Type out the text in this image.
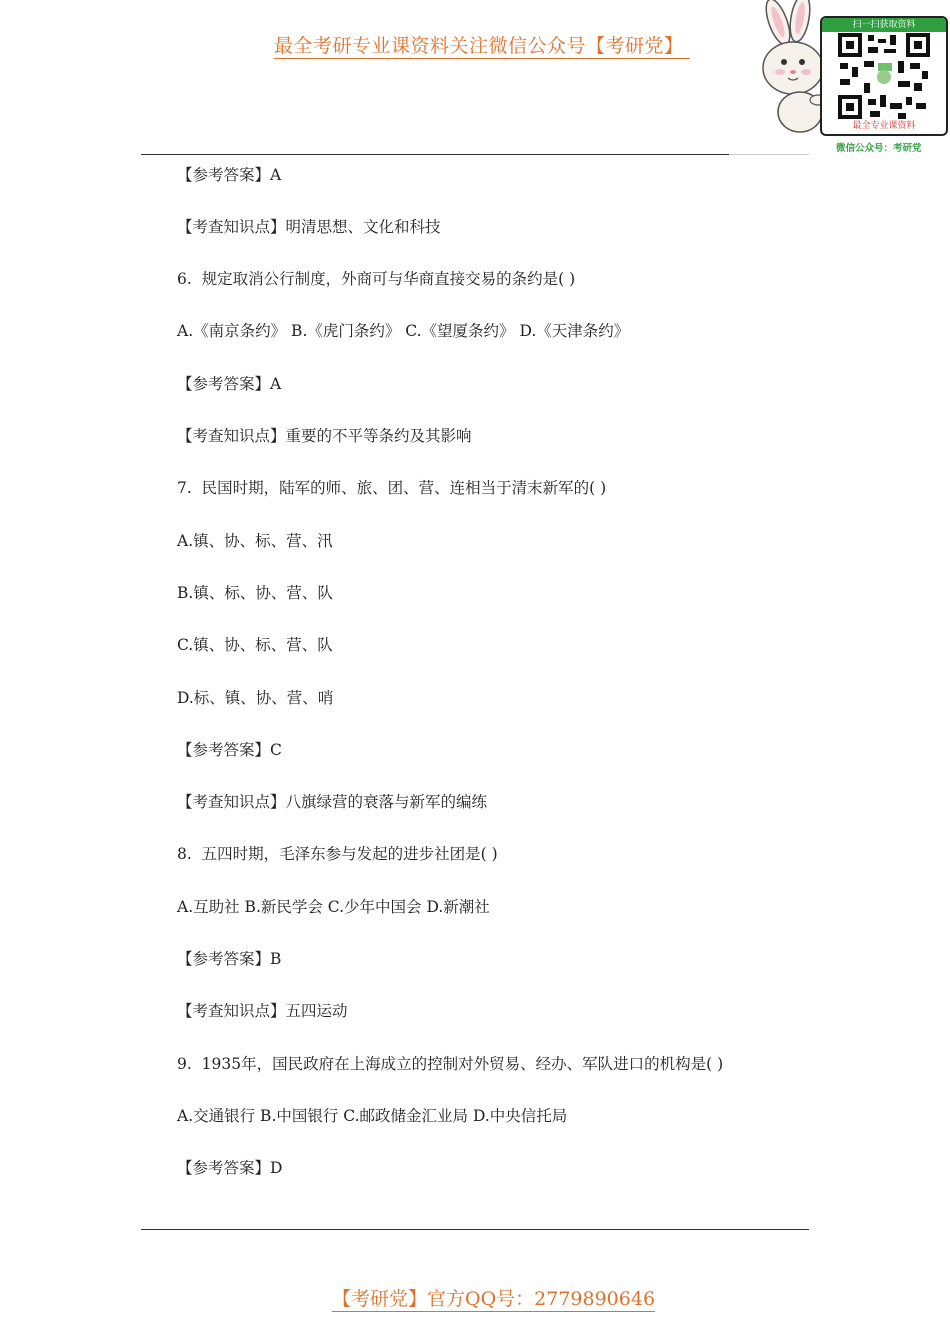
最全考研专业课资料关注微信公众号【考研党】
扫一扫获取资料
最全专业课资料
微信公众号：考研党
【参考答案】A
【考查知识点】明清思想、文化和科技
6.  规定取消公行制度，外商可与华商直接交易的条约是( )
A.《南京条约》 B.《虎门条约》 C.《望厦条约》 D.《天津条约》
【参考答案】A
【考查知识点】重要的不平等条约及其影响
7.  民国时期，陆军的师、旅、团、营、连相当于清末新军的( )
A.镇、协、标、营、汛
B.镇、标、协、营、队
C.镇、协、标、营、队
D.标、镇、协、营、哨
【参考答案】C
【考查知识点】八旗绿营的衰落与新军的编练
8.  五四时期，毛泽东参与发起的进步社团是( )
A.互助社 B.新民学会 C.少年中国会 D.新潮社
【参考答案】B
【考查知识点】五四运动
9.  1935年，国民政府在上海成立的控制对外贸易、经办、军队进口的机构是( )
A.交通银行 B.中国银行 C.邮政储金汇业局 D.中央信托局
【参考答案】D
【考研党】官方QQ号：2779890646
